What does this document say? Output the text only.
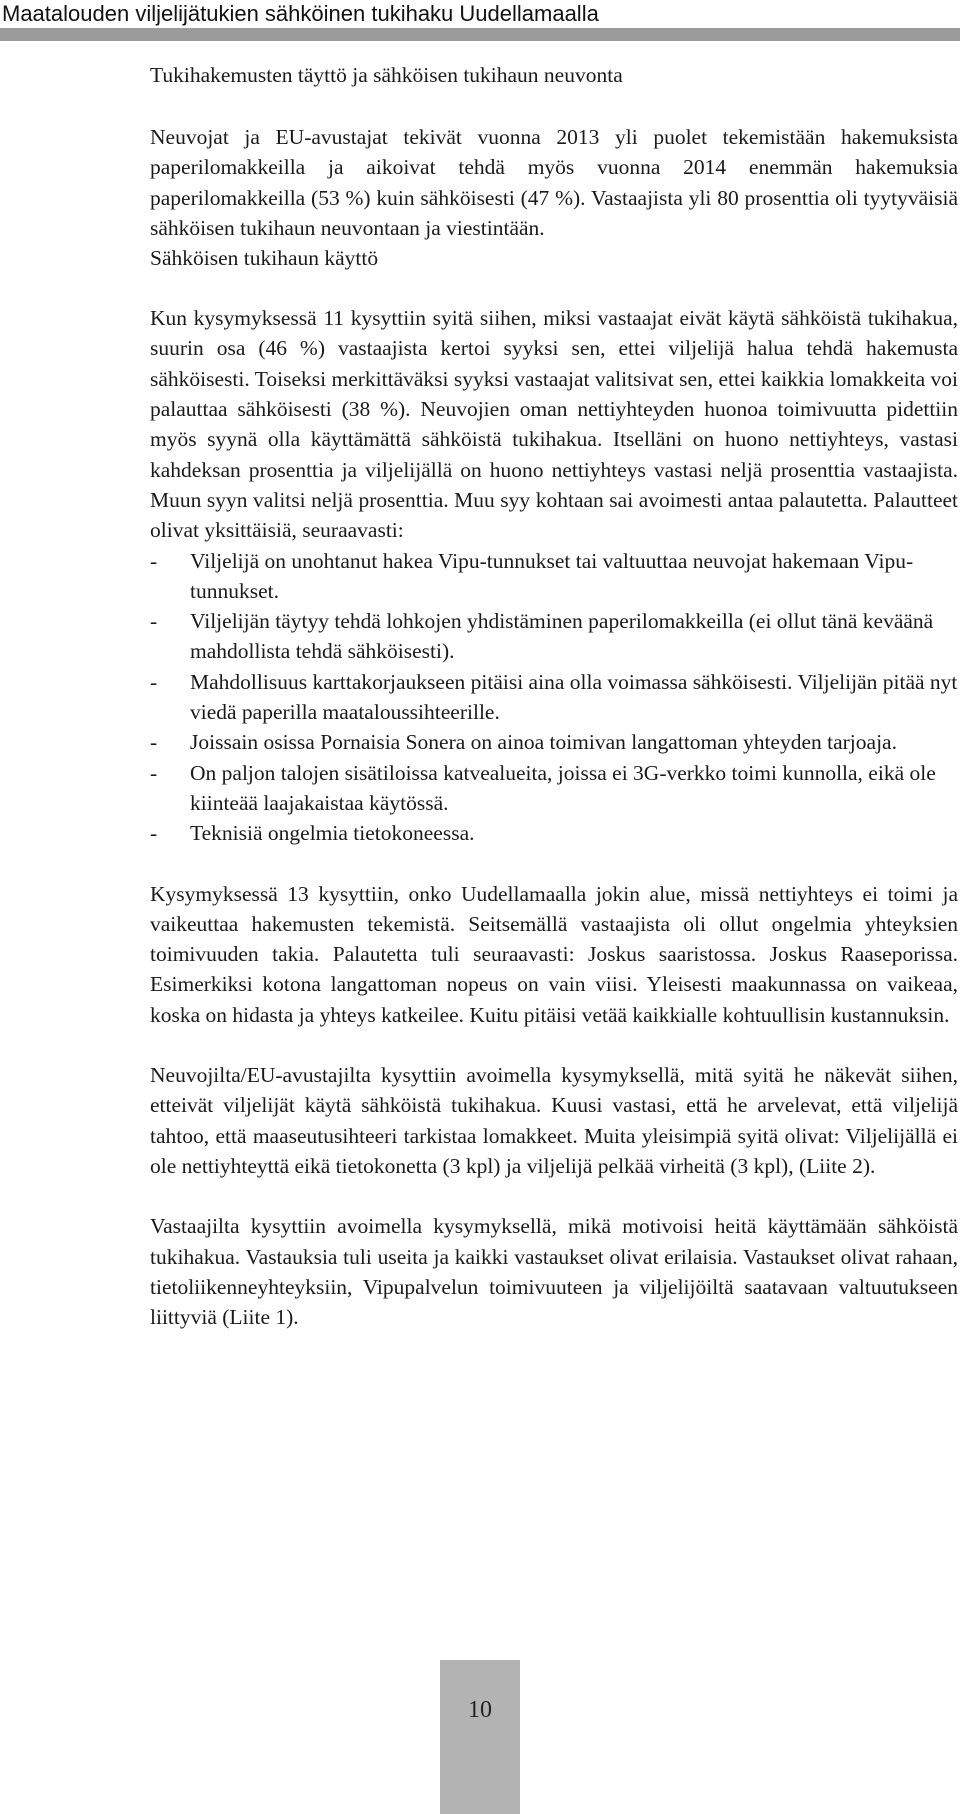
Maatalouden viljelijätukien sähköinen tukihaku Uudellamaalla

Tukihakemusten täyttö ja sähköisen tukihaun neuvonta

Neuvojat ja EU-avustajat tekivät vuonna 2013 yli puolet tekemistään hakemuksista paperilomakkeilla ja aikoivat tehdä myös vuonna 2014 enemmän hakemuksia paperilomakkeilla (53 %) kuin sähköisesti (47 %). Vastaajista yli 80 prosenttia oli tyytyväisiä sähköisen tukihaun neuvontaan ja viestintään.

Sähköisen tukihaun käyttö

Kun kysymyksessä 11 kysyttiin syitä siihen, miksi vastaajat eivät käytä sähköistä tukihakua, suurin osa (46 %) vastaajista kertoi syyksi sen, ettei viljelijä halua tehdä hakemusta sähköisesti. Toiseksi merkittäväksi syyksi vastaajat valitsivat sen, ettei kaikkia lomakkeita voi palauttaa sähköisesti (38 %). Neuvojien oman nettiyhteyden huonoa toimivuutta pidettiin myös syynä olla käyttämättä sähköistä tukihakua. Itselläni on huono nettiyhteys, vastasi kahdeksan prosenttia ja viljelijällä on huono nettiyhteys vastasi neljä prosenttia vastaajista. Muun syyn valitsi neljä prosenttia. Muu syy kohtaan sai avoimesti antaa palautetta. Palautteet olivat yksittäisiä, seuraavasti:

- Viljelijä on unohtanut hakea Vipu-tunnukset tai valtuuttaa neuvojat hakemaan Vipu-tunnukset.
- Viljelijän täytyy tehdä lohkojen yhdistäminen paperilomakkeilla (ei ollut tänä keväänä mahdollista tehdä sähköisesti).
- Mahdollisuus karttakorjaukseen pitäisi aina olla voimassa sähköisesti. Viljelijän pitää nyt viedä paperilla maataloussihteerille.
- Joissain osissa Pornaisia Sonera on ainoa toimivan langattoman yhteyden tarjoaja.
- On paljon talojen sisätiloissa katvealueita, joissa ei 3G-verkko toimi kunnolla, eikä ole kiinteää laajakaistaa käytössä.
- Teknisiä ongelmia tietokoneessa.

Kysymyksessä 13 kysyttiin, onko Uudellamaalla jokin alue, missä nettiyhteys ei toimi ja vaikeuttaa hakemusten tekemistä. Seitsemällä vastaajista oli ollut ongelmia yhteyksien toimivuuden takia. Palautetta tuli seuraavasti: Joskus saaristossa. Joskus Raaseporissa. Esimerkiksi kotona langattoman nopeus on vain viisi. Yleisesti maakunnassa on vaikeaa, koska on hidasta ja yhteys katkeilee. Kuitu pitäisi vetää kaikkialle kohtuullisin kustannuksin.

Neuvojilta/EU-avustajilta kysyttiin avoimella kysymyksellä, mitä syitä he näkevät siihen, etteivät viljelijät käytä sähköistä tukihakua. Kuusi vastasi, että he arvelevat, että viljelijä tahtoo, että maaseutusihteeri tarkistaa lomakkeet. Muita yleisimpiä syitä olivat: Viljelijällä ei ole nettiyhteyttä eikä tietokonetta (3 kpl) ja viljelijä pelkää virheitä (3 kpl), (Liite 2).

Vastaajilta kysyttiin avoimella kysymyksellä, mikä motivoisi heitä käyttämään sähköistä tukihakua. Vastauksia tuli useita ja kaikki vastaukset olivat erilaisia. Vastaukset olivat rahaan, tietoliikenneyhteyksiin, Vipupalvelun toimivuuteen ja viljelijöiltä saatavaan valtuutukseen liittyviä (Liite 1).

10
